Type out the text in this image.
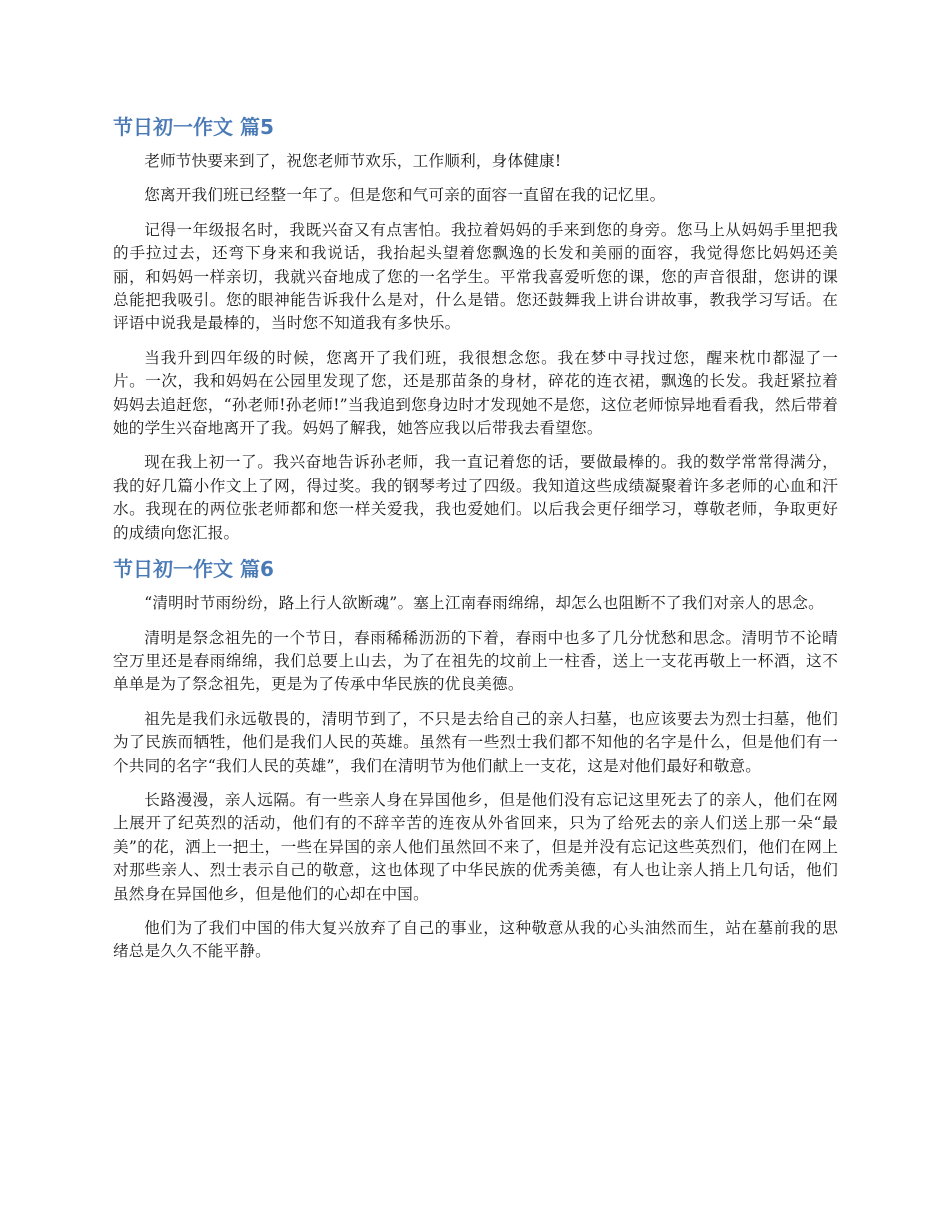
节日初一作文 篇5

老师节快要来到了，祝您老师节欢乐，工作顺利，身体健康!

您离开我们班已经整一年了。但是您和气可亲的面容一直留在我的记忆里。

记得一年级报名时，我既兴奋又有点害怕。我拉着妈妈的手来到您的身旁。您马上从妈妈手里把我的手拉过去，还弯下身来和我说话，我抬起头望着您飘逸的长发和美丽的面容，我觉得您比妈妈还美丽，和妈妈一样亲切，我就兴奋地成了您的一名学生。平常我喜爱听您的课，您的声音很甜，您讲的课总能把我吸引。您的眼神能告诉我什么是对，什么是错。您还鼓舞我上讲台讲故事，教我学习写话。在评语中说我是最棒的，当时您不知道我有多快乐。

当我升到四年级的时候，您离开了我们班，我很想念您。我在梦中寻找过您，醒来枕巾都湿了一片。一次，我和妈妈在公园里发现了您，还是那苗条的身材，碎花的连衣裙，飘逸的长发。我赶紧拉着妈妈去追赶您，“孙老师!孙老师!”当我追到您身边时才发现她不是您，这位老师惊异地看看我，然后带着她的学生兴奋地离开了我。妈妈了解我，她答应我以后带我去看望您。

现在我上初一了。我兴奋地告诉孙老师，我一直记着您的话，要做最棒的。我的数学常常得满分，我的好几篇小作文上了网，得过奖。我的钢琴考过了四级。我知道这些成绩凝聚着许多老师的心血和汗水。我现在的两位张老师都和您一样关爱我，我也爱她们。以后我会更仔细学习，尊敬老师，争取更好的成绩向您汇报。

节日初一作文 篇6

“清明时节雨纷纷，路上行人欲断魂”。塞上江南春雨绵绵，却怎么也阻断不了我们对亲人的思念。

清明是祭念祖先的一个节日，春雨稀稀沥沥的下着，春雨中也多了几分忧愁和思念。清明节不论晴空万里还是春雨绵绵，我们总要上山去，为了在祖先的坟前上一柱香，送上一支花再敬上一杯酒，这不单单是为了祭念祖先，更是为了传承中华民族的优良美德。

祖先是我们永远敬畏的，清明节到了，不只是去给自己的亲人扫墓，也应该要去为烈士扫墓，他们为了民族而牺牲，他们是我们人民的英雄。虽然有一些烈士我们都不知他的名字是什么，但是他们有一个共同的名字“我们人民的英雄”，我们在清明节为他们献上一支花，这是对他们最好和敬意。

长路漫漫，亲人远隔。有一些亲人身在异国他乡，但是他们没有忘记这里死去了的亲人，他们在网上展开了纪英烈的活动，他们有的不辞辛苦的连夜从外省回来，只为了给死去的亲人们送上那一朵“最美”的花，洒上一把土，一些在异国的亲人他们虽然回不来了，但是并没有忘记这些英烈们，他们在网上对那些亲人、烈士表示自己的敬意，这也体现了中华民族的优秀美德，有人也让亲人捎上几句话，他们虽然身在异国他乡，但是他们的心却在中国。

他们为了我们中国的伟大复兴放弃了自己的事业，这种敬意从我的心头油然而生，站在墓前我的思绪总是久久不能平静。
